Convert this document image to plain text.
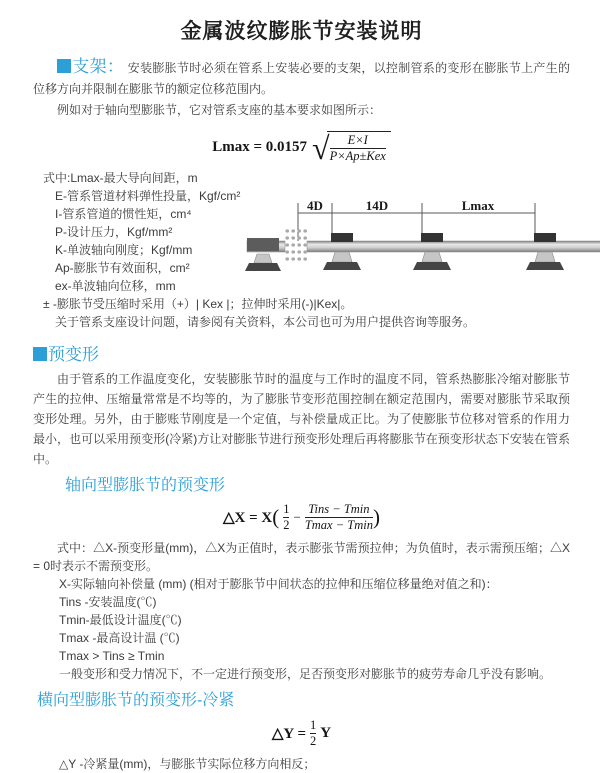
金属波纹膨胀节安装说明

支架： 安装膨胀节时必须在管系上安装必要的支架，以控制管系的变形在膨胀节上产生的位移方向并限制在膨胀节的额定位移范围内。

例如对于轴向型膨胀节，它对管系支座的基本要求如图所示：

Lmax = 0.0157 √ $\frac{E\times I}{\text{P×Ap±Kex}}$
式中:Lmax-最大导向间距，m
E-管系管道材料弹性投量，Kgf/cm²
I-管系管道的惯性矩，cm⁴
P-设计压力，Kgf/mm²
K-单波轴向刚度；Kgf/mm
Ap-膨胀节有效面积，cm²
ex-单波轴向位移，mm
± -膨胀节受压缩时采用（+）| Kex |；拉伸时采用(-)|Kex|。
关于管系支座设计问题，请参阅有关资料，本公司也可为用户提供咨询等服务。
4D	14D	Lmax
预变形

由于管系的工作温度变化，安装膨胀节时的温度与工作时的温度不同，管系热膨胀冷缩对膨胀节产生的拉伸、压缩量常常是不均等的，为了膨胀节变形范围控制在额定范围内，需要对膨胀节采取预变形处理。另外，由于膨账节刚度是一个定值，与补偿量成正比。为了使膨胀节位移对管系的作用力最小，也可以采用预变形(冷紧)方让对膨胀节进行预变形处理后再将膨胀节在预变形状态下安装在管系中。

轴向型膨胀节的预变形
△X = $X( \frac{1}{2} - \frac{\text{Tins − Tmin}}{Tmax - Tmin}$ )

式中：△X-预变形量(mm)，△X为正值时，表示膨张节需预拉伸；为负值时，表示需预压缩；△X = 0时表示不需预变形。

X-实际轴向补偿量 (mm) (相对于膨胀节中间状态的拉伸和压缩位移量绝对值之和)：
Tins -安装温度(℃)
Tmin-最低设计温度(℃)
Tmax -最高设计温 (℃)
Tmax > Tins ≥ Tmin
一般变形和受力情况下，不一定进行预变形，足否预变形对膨胀节的疲劳寿命几乎没有影响。
横向型膨胀节的预变形-冷紧
△Y = $\frac{1}{2}$ Y
△Y -冷紧量(mm)，与膨胀节实际位移方向相反；
